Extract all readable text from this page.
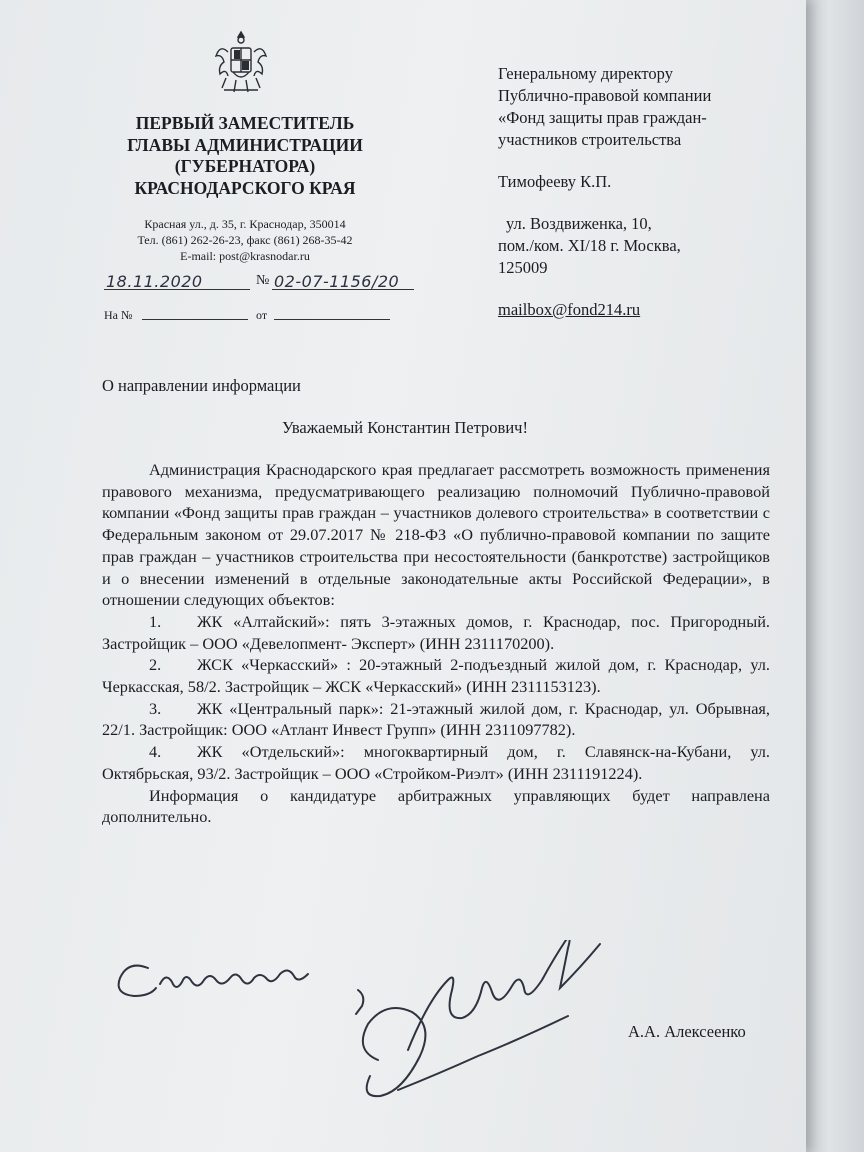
ПЕРВЫЙ ЗАМЕСТИТЕЛЬ
ГЛАВЫ АДМИНИСТРАЦИИ
(ГУБЕРНАТОРА)
КРАСНОДАРСКОГО КРАЯ
Красная ул., д. 35, г. Краснодар, 350014
Тел. (861) 262-26-23, факс (861) 268-35-42
E-mail: post@krasnodar.ru
18.11.2020	№ 02-07-1156/20
На №	от
Генеральному директору
Публично-правовой компании
«Фонд защиты прав граждан-
участников строительства
Тимофееву К.П.
ул. Воздвиженка, 10,
пом./ком. XI/18 г. Москва,
125009
mailbox@fond214.ru
О направлении информации
Уважаемый Константин Петрович!

Администрация Краснодарского края предлагает рассмотреть возможность применения правового механизма, предусматривающего реализацию полномочий Публично-правовой компании «Фонд защиты прав граждан – участников долевого строительства» в соответствии с Федеральным законом от 29.07.2017 № 218-ФЗ «О публично-правовой компании по защите прав граждан – участников строительства при несостоятельности (банкротстве) застройщиков и о внесении изменений в отдельные законодательные акты Российской Федерации», в отношении следующих объектов:

1. ЖК «Алтайский»: пять 3-этажных домов, г. Краснодар, пос. Пригородный. Застройщик – ООО «Девелопмент- Эксперт» (ИНН 2311170200).

2. ЖСК «Черкасский» : 20-этажный 2-подъездный жилой дом, г. Краснодар, ул. Черкасская, 58/2. Застройщик – ЖСК «Черкасский» (ИНН 2311153123).

3. ЖК «Центральный парк»: 21-этажный жилой дом, г. Краснодар, ул. Обрывная, 22/1. Застройщик: ООО «Атлант Инвест Групп» (ИНН 2311097782).

4. ЖК «Отдельский»: многоквартирный дом, г. Славянск-на-Кубани, ул. Октябрьская, 93/2. Застройщик – ООО «Стройком-Риэлт» (ИНН 2311191224).

Информация о кандидатуре арбитражных управляющих будет направлена дополнительно.

А.А. Алексеенко
